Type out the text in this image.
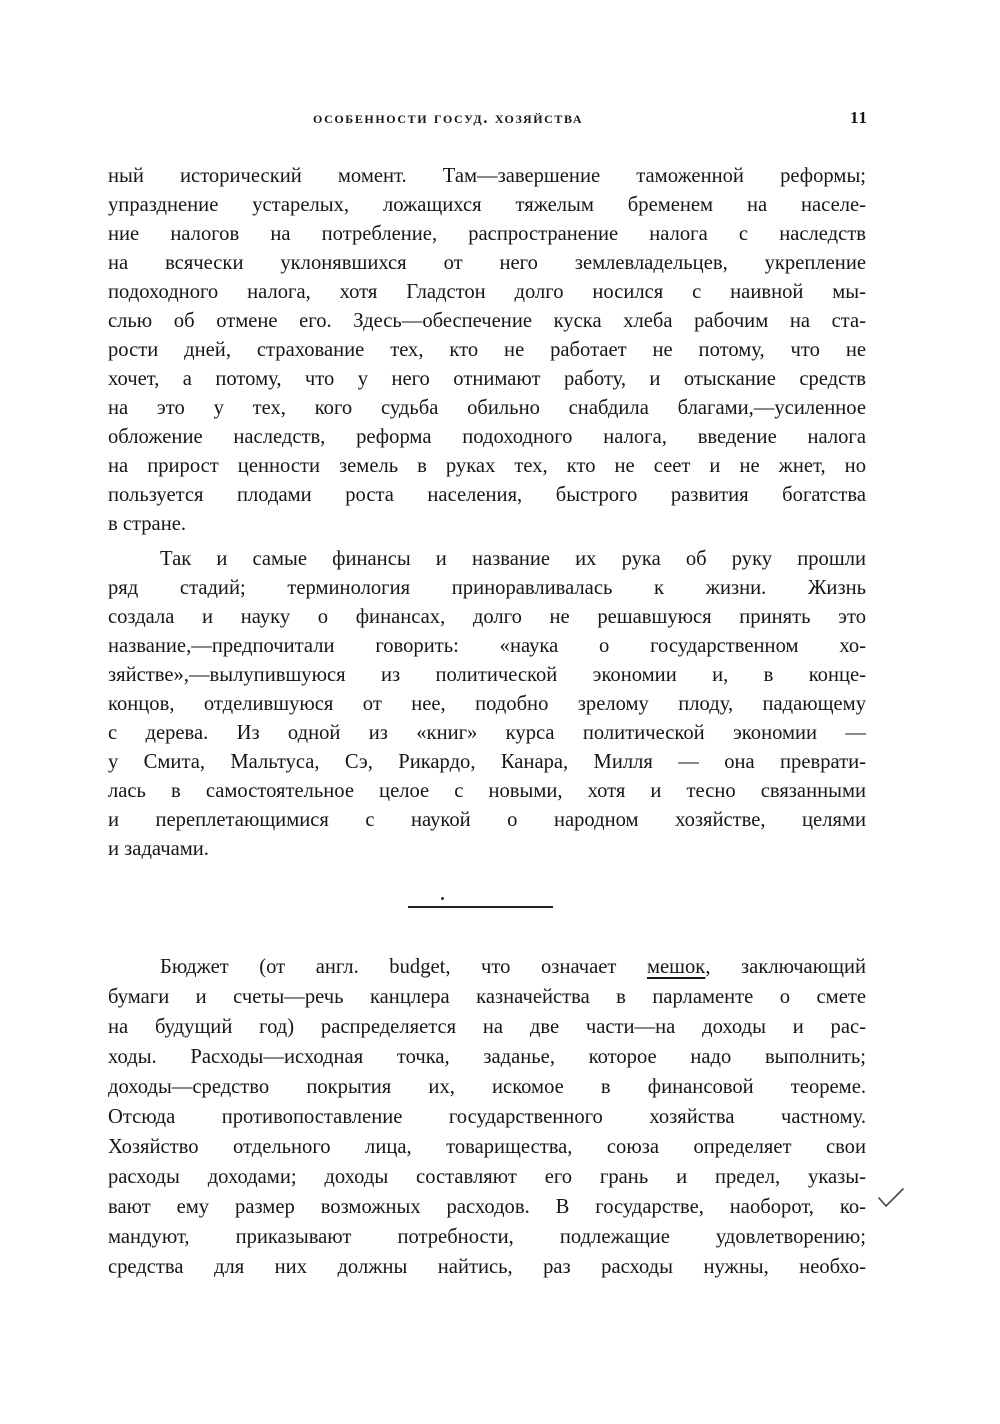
особенности госуд. хозяйства	11
ный исторический момент. Там—завершение таможенной реформы;
упразднение устарелых, ложащихся тяжелым бременем на населе-
ние налогов на потребление, распространение налога с наследств
на всячески уклонявшихся от него землевладельцев, укрепление
подоходного налога, хотя Гладстон долго носился с наивной мы-
слью об отмене его. Здесь—обеспечение куска хлеба рабочим на ста-
рости дней, страхование тех, кто не работает не потому, что не
хочет, а потому, что у него отнимают работу, и отыскание средств
на это у тех, кого судьба обильно снабдила благами,—усиленное
обложение наследств, реформа подоходного налога, введение налога
на прирост ценности земель в руках тех, кто не сеет и не жнет, но
пользуется плодами роста населения, быстрого развития богатства
в стране.
Так и самые финансы и название их рука об руку прошли
ряд стадий; терминология приноравливалась к жизни. Жизнь
создала и науку о финансах, долго не решавшуюся принять это
название,—предпочитали говорить: «наука о государственном хо-
зяйстве»,—вылупившуюся из политической экономии и, в конце-
концов, отделившуюся от нее, подобно зрелому плоду, падающему
с дерева. Из одной из «книг» курса политической экономии —
у Смита, Мальтуса, Сэ, Рикардо, Канара, Милля — она преврати-
лась в самостоятельное целое с новыми, хотя и тесно связанными
и переплетающимися с наукой о народном хозяйстве, целями
и задачами.
Бюджет (от англ. budget, что означает мешок, заключающий
бумаги и счеты—речь канцлера казначейства в парламенте о смете
на будущий год) распределяется на две части—на доходы и рас-
ходы. Расходы—исходная точка, заданье, которое надо выполнить;
доходы—средство покрытия их, искомое в финансовой теореме.
Отсюда противопоставление государственного хозяйства частному.
Хозяйство отдельного лица, товарищества, союза определяет свои
расходы доходами; доходы составляют его грань и предел, указы-
вают ему размер возможных расходов. В государстве, наоборот, ко-
мандуют, приказывают потребности, подлежащие удовлетворению;
средства для них должны найтись, раз расходы нужны, необхо-
